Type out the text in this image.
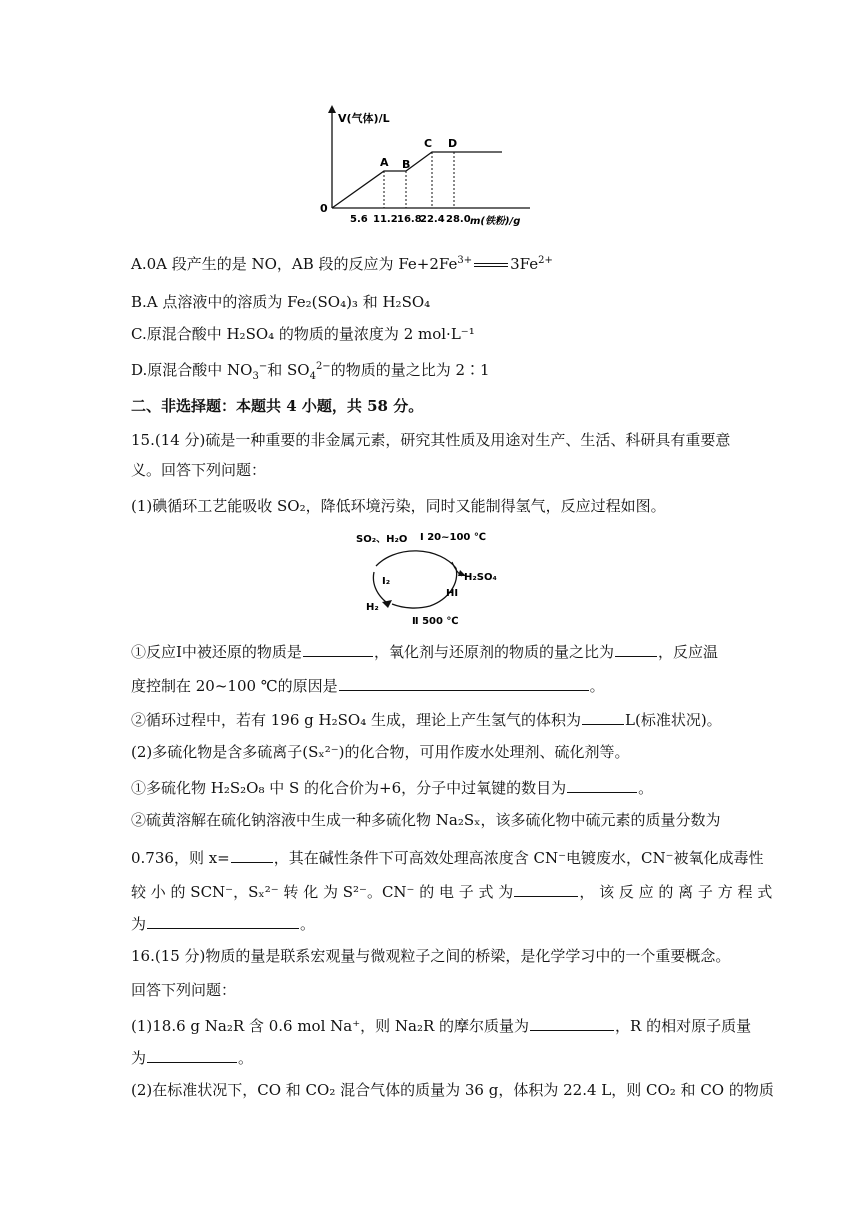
V(气体)/L
0
A B
C D
5.6 11.2 16.8
22.4 28.0 m(铁粉)/g
A.0A 段产生的是 NO，AB 段的反应为 $Fe+2Fe^{3+}$	$3Fe^{2+}$
B.A 点溶液中的溶质为 Fe₂(SO₄)₃ 和 H₂SO₄
C.原混合酸中 H₂SO₄ 的物质的量浓度为 2 mol·L⁻¹
D.原混合酸中 $NO_3^-$和 $SO_4^{2-}$的物质的量之比为 2∶1
二、非选择题：本题共 4 小题，共 58 分。
15.(14 分)硫是一种重要的非金属元素，研究其性质及用途对生产、生活、科研具有重要意
义。回答下列问题：
(1)碘循环工艺能吸收 SO₂，降低环境污染，同时又能制得氢气，反应过程如图。
SO₂、H₂O Ⅰ 20~100 ℃
H₂SO₄
I₂
HI
H₂
Ⅱ 500 ℃
①反应Ⅰ中被还原的物质是	，氧化剂与还原剂的物质的量之比为	，反应温
度控制在 20~100 ℃的原因是	。
②循环过程中，若有 196 g H₂SO₄ 生成，理论上产生氢气的体积为	L(标准状况)。
(2)多硫化物是含多硫离子(Sₓ²⁻)的化合物，可用作废水处理剂、硫化剂等。
①多硫化物 H₂S₂O₈ 中 S 的化合价为+6，分子中过氧键的数目为	。
②硫黄溶解在硫化钠溶液中生成一种多硫化物 Na₂Sₓ，该多硫化物中硫元素的质量分数为
0.736，则 x=	，其在碱性条件下可高效处理高浓度含 CN⁻电镀废水，CN⁻被氧化成毒性
较 小 的 SCN⁻，Sₓ²⁻ 转 化 为 S²⁻。CN⁻ 的 电 子 式 为	， 该 反 应 的 离 子 方 程 式
为	。
16.(15 分)物质的量是联系宏观量与微观粒子之间的桥梁，是化学学习中的一个重要概念。
回答下列问题：
(1)18.6 g Na₂R 含 0.6 mol Na⁺，则 Na₂R 的摩尔质量为	，R 的相对原子质量
为	。
(2)在标准状况下，CO 和 CO₂ 混合气体的质量为 36 g，体积为 22.4 L，则 CO₂ 和 CO 的物质
